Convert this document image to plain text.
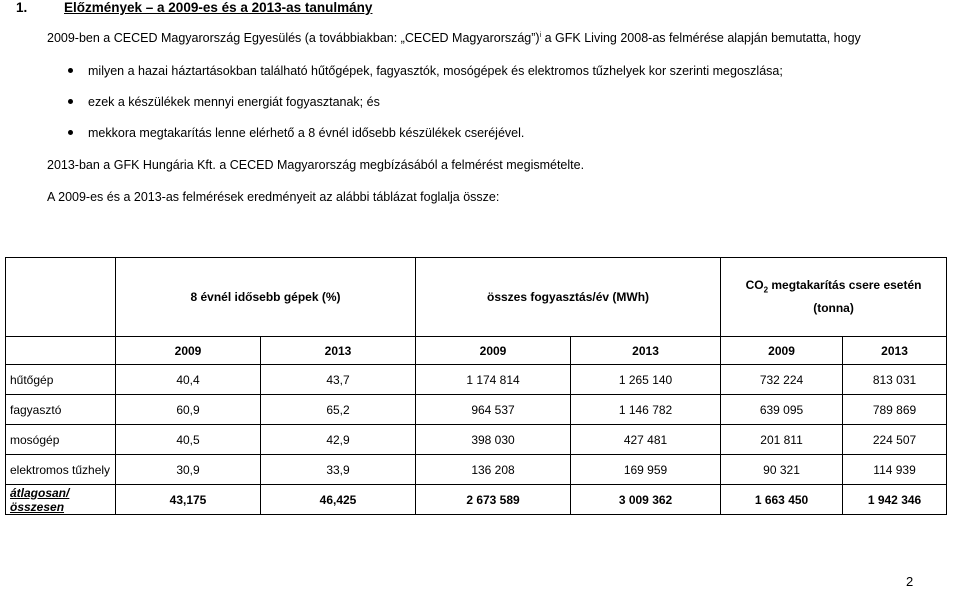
1.	Előzmények – a 2009-es és a 2013-as tanulmány
2009-ben a CECED Magyarország Egyesülés (a továbbiakban: „CECED Magyarország”)$^i$ a GFK Living 2008-as felmérése alapján bemutatta, hogy
milyen a hazai háztartásokban található hűtőgépek, fagyasztók, mosógépek és elektromos tűzhelyek kor szerinti megoszlása;
ezek a készülékek mennyi energiát fogyasztanak; és
mekkora megtakarítás lenne elérhető a 8 évnél idősebb készülékek cseréjével.
2013-ban a GFK Hungária Kft. a CECED Magyarország megbízásából a felmérést megismételte.
A 2009-es és a 2013-as felmérések eredményeit az alábbi táblázat foglalja össze:
	8 évnél idősebb gépek (%)		összes fogyasztás/év (MWh)		$CO_2$ megtakarítás csere esetén (tonna)	
	2009	2013	2009	2013	2009	2013
hűtőgép	40,4	43,7	1 174 814	1 265 140	732 224	813 031
fagyasztó	60,9	65,2	964 537	1 146 782	639 095	789 869
mosógép	40,5	42,9	398 030	427 481	201 811	224 507
elektromos tűzhely	30,9	33,9	136 208	169 959	90 321	114 939
átlagosan/összesen	43,175	46,425	2 673 589	3 009 362	1 663 450	1 942 346
2
